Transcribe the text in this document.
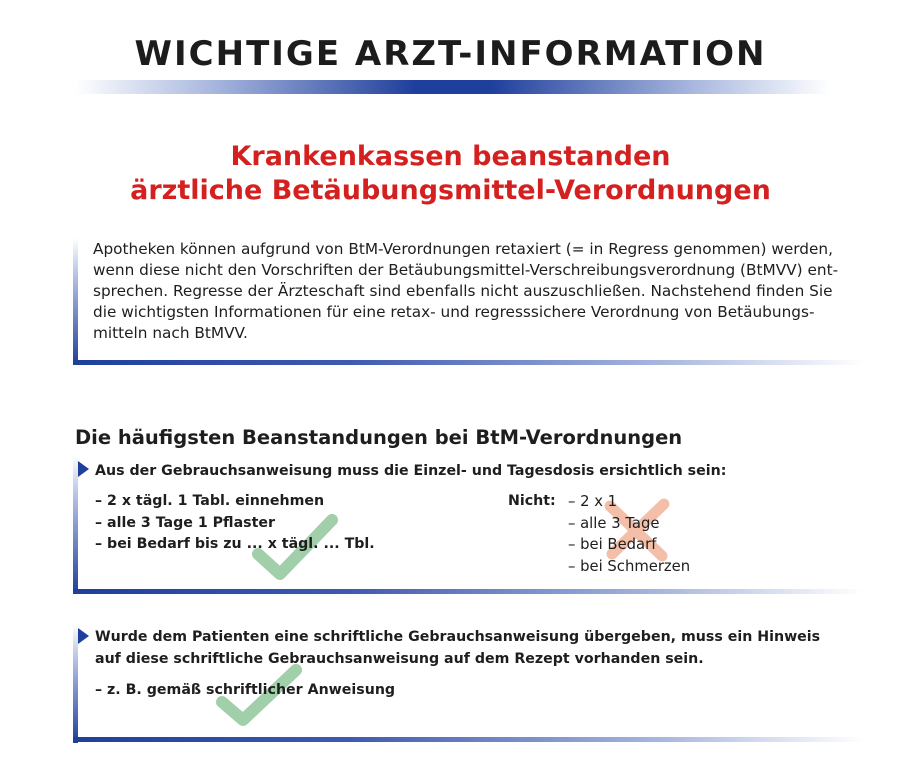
WICHTIGE ARZT-INFORMATION
Krankenkassen beanstanden
ärztliche Betäubungsmittel-Verordnungen
Apotheken können aufgrund von BtM-Verordnungen retaxiert (= in Regress genommen) werden, wenn diese nicht den Vorschriften der Betäubungsmittel-Verschreibungsverordnung (BtMVV) entsprechen. Regresse der Ärzteschaft sind ebenfalls nicht auszuschließen. Nachstehend finden Sie die wichtigsten Informationen für eine retax- und regresssichere Verordnung von Betäubungsmitteln nach BtMVV.
Die häufigsten Beanstandungen bei BtM-Verordnungen
Aus der Gebrauchsanweisung muss die Einzel- und Tagesdosis ersichtlich sein:
– 2 x tägl. 1 Tabl. einnehmen
– alle 3 Tage 1 Pflaster
– bei Bedarf bis zu ... x tägl. ... Tbl.
Nicht: – 2 x 1
– alle 3 Tage
– bei Bedarf
– bei Schmerzen
Wurde dem Patienten eine schriftliche Gebrauchsanweisung übergeben, muss ein Hinweis
auf diese schriftliche Gebrauchsanweisung auf dem Rezept vorhanden sein.
– z. B. gemäß schriftlicher Anweisung
